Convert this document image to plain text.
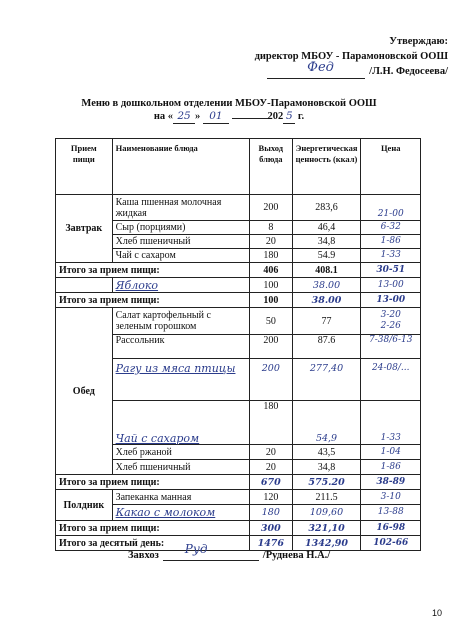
Утверждаю:
директор МБОУ - Парамоновской ООШ
Фед	/Л.Н. Федосеева/
Меню в дошкольном отделении МБОУ-Парамоновской ООШ
на « 25 » 01	202 5 г.
Прием пищи	Наименование блюда	Выход блюда	Энергетическая ценность (ккал)	Цена
Завтрак	Каша пшенная молочная жидкая	200	283,6	21-00
	Сыр (порциями)	8	46,4	6-32
	Хлеб пшеничный	20	34,8	1-86
	Чай с сахаром	180	54.9	1-33
Итого за прием пищи:		406	408.1	30-51
	Яблоко	100	38.00	13-00
Итого за прием пищи:		100	38.00	13-00
Обед	Салат картофельный с зеленым горошком	50	77	3-20
2-26

	Рассольник	200	87.6	7-38/6-13
	Рагу из мяса птицы	200	277,40	24-08/...
	Чай с сахаром	180	54,9	1-33
	Хлеб ржаной	20	43,5	1-04
	Хлеб пшеничный	20	34,8	1-86
Итого за прием пищи:		670	575.20	38-89
Полдник	Запеканка манная	120	211.5	3-10
	Какао с молоком	180	109,60	13-88
Итого за прием пищи:		300	321,10	16-98
Итого за десятый день:		1476	1342,90	102-66
Завхоз Руд	/Руднева Н.А./
10
